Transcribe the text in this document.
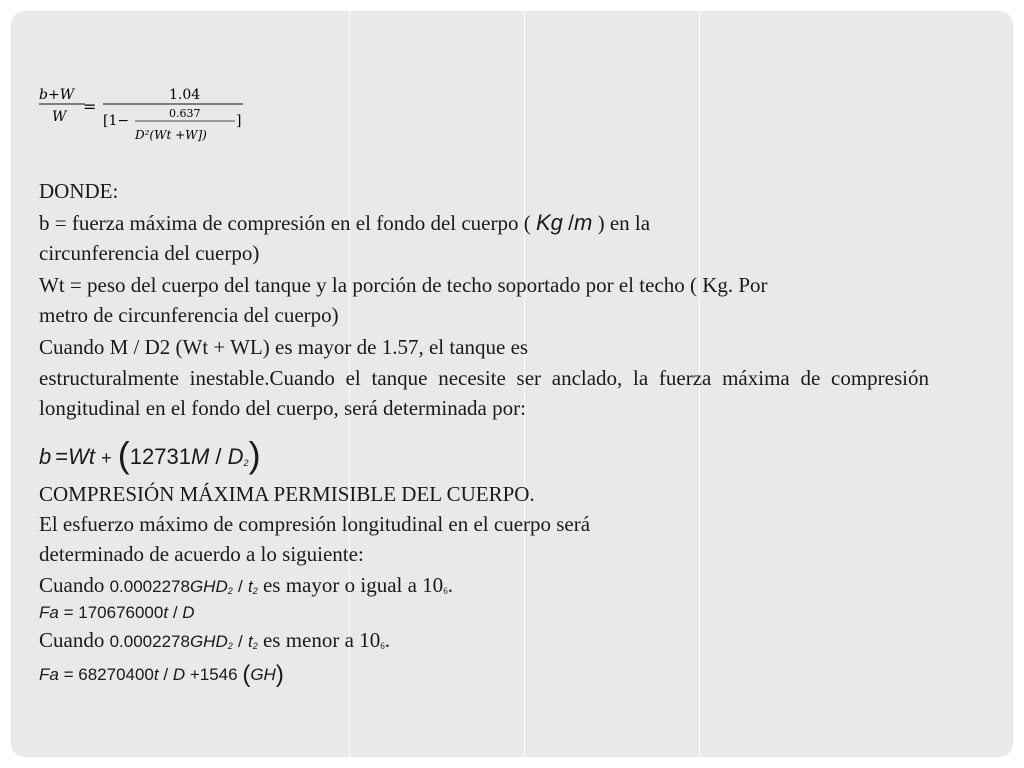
b+W
W
=
1.04
[1−	0.637
D²(Wt +W])
]
DONDE:
b = fuerza máxima de compresión en el fondo del cuerpo ( Kg /m ) en la
circunferencia del cuerpo)
Wt = peso del cuerpo del tanque y la porción de techo soportado por el techo ( Kg. Por
metro de circunferencia del cuerpo)
Cuando M / D2 (Wt + WL) es mayor de 1.57, el tanque es
estructuralmente inestable.Cuando el tanque necesite ser anclado, la fuerza máxima de compresión longitudinal en el fondo del cuerpo, será determinada por:
$b =Wt + (12731M / D_2)$
COMPRESIÓN MÁXIMA PERMISIBLE DEL CUERPO.
El esfuerzo máximo de compresión longitudinal en el cuerpo será
determinado de acuerdo a lo siguiente:
Cuando $0.0002278GHD_2 / t_2$ es mayor o igual a $10_6$.
Fa = 170676000t / D
Cuando $0.0002278GHD_2 / t_2$ es menor a $10_6$.
Fa = 68270400t / D +1546 (GH)
